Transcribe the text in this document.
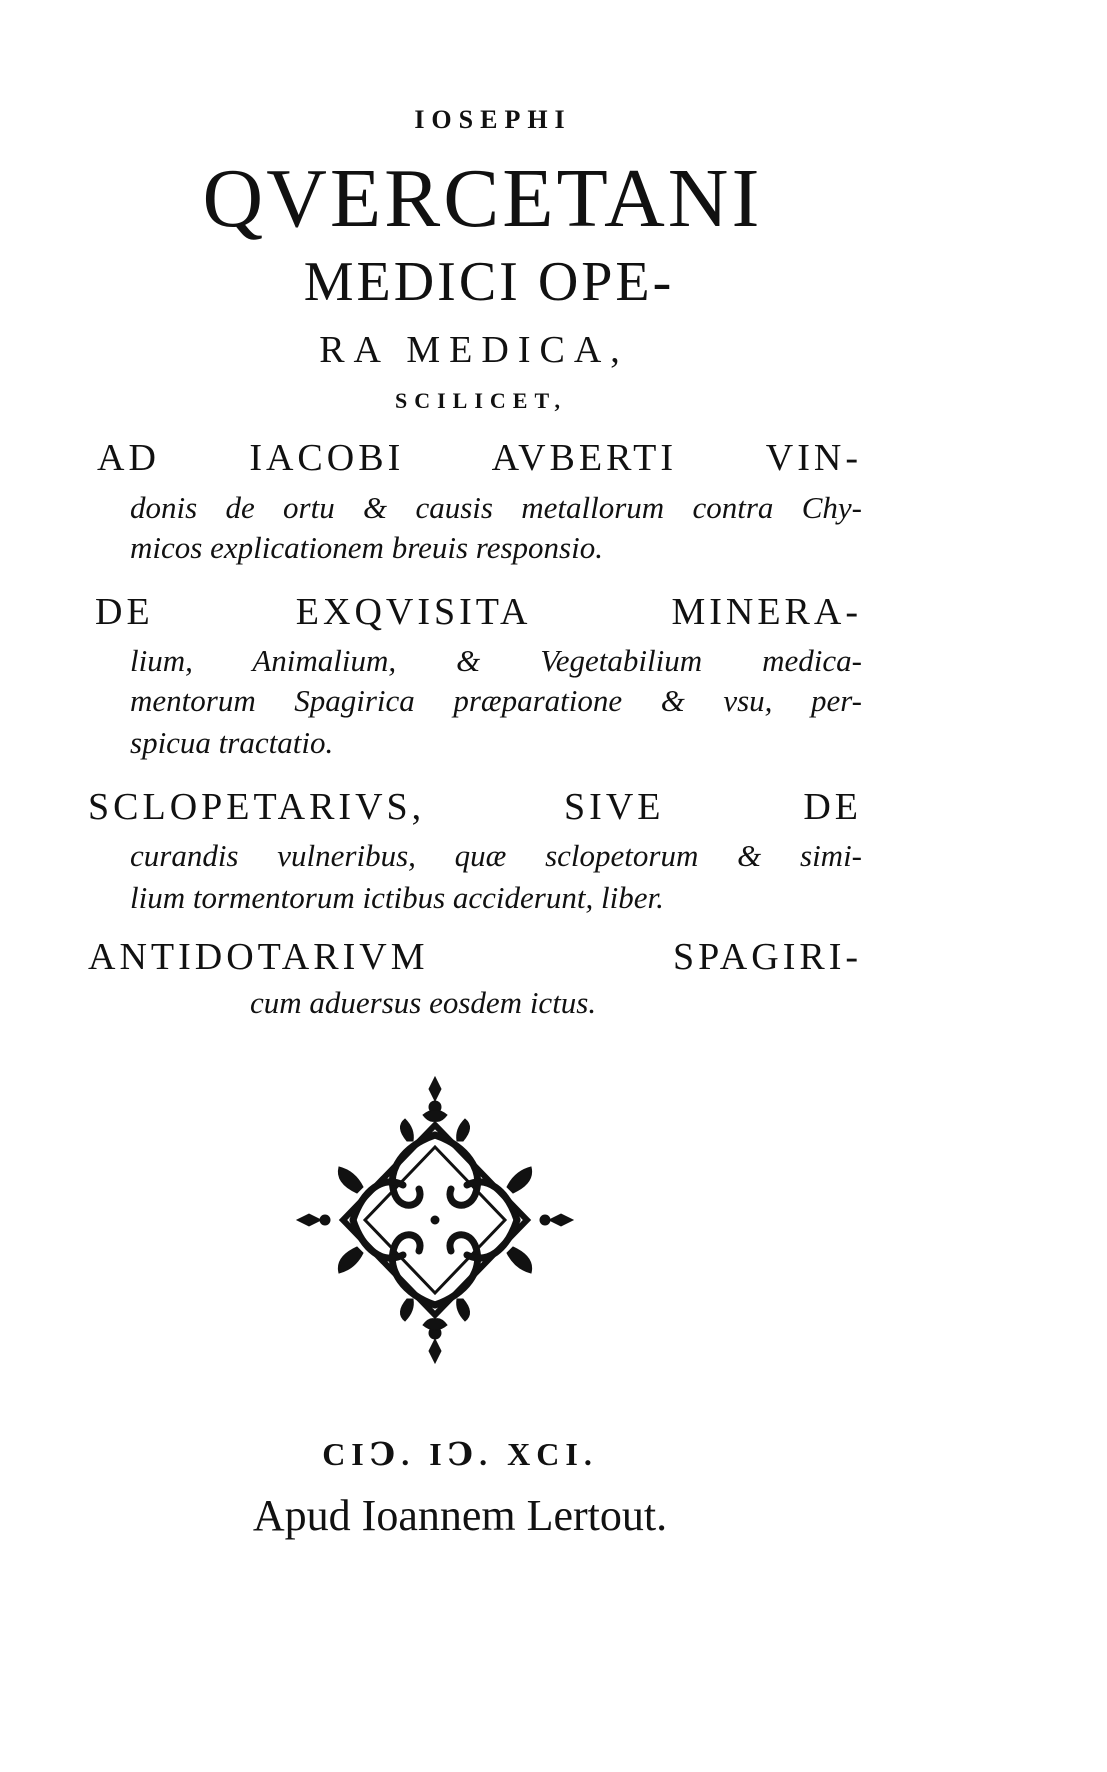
IOSEPHI
QVERCETANI
MEDICI OPE-
RA MEDICA,
SCILICET,
AD IACOBI AVBERTI VIN-
donis de ortu & causis metallorum contra Chy-
micos explicationem breuis responsio.
DE EXQVISITA MINERA-
lium, Animalium, & Vegetabilium medica-
mentorum Spagirica præparatione & vsu, per-
spicua tractatio.
SCLOPETARIVS, SIVE DE
curandis vulneribus, quæ sclopetorum & simi-
lium tormentorum ictibus acciderunt, liber.
ANTIDOTARIVM SPAGIRI-
cum aduersus eosdem ictus.
CIↃ. IↃ. XCI.
Apud Ioannem Lertout.
